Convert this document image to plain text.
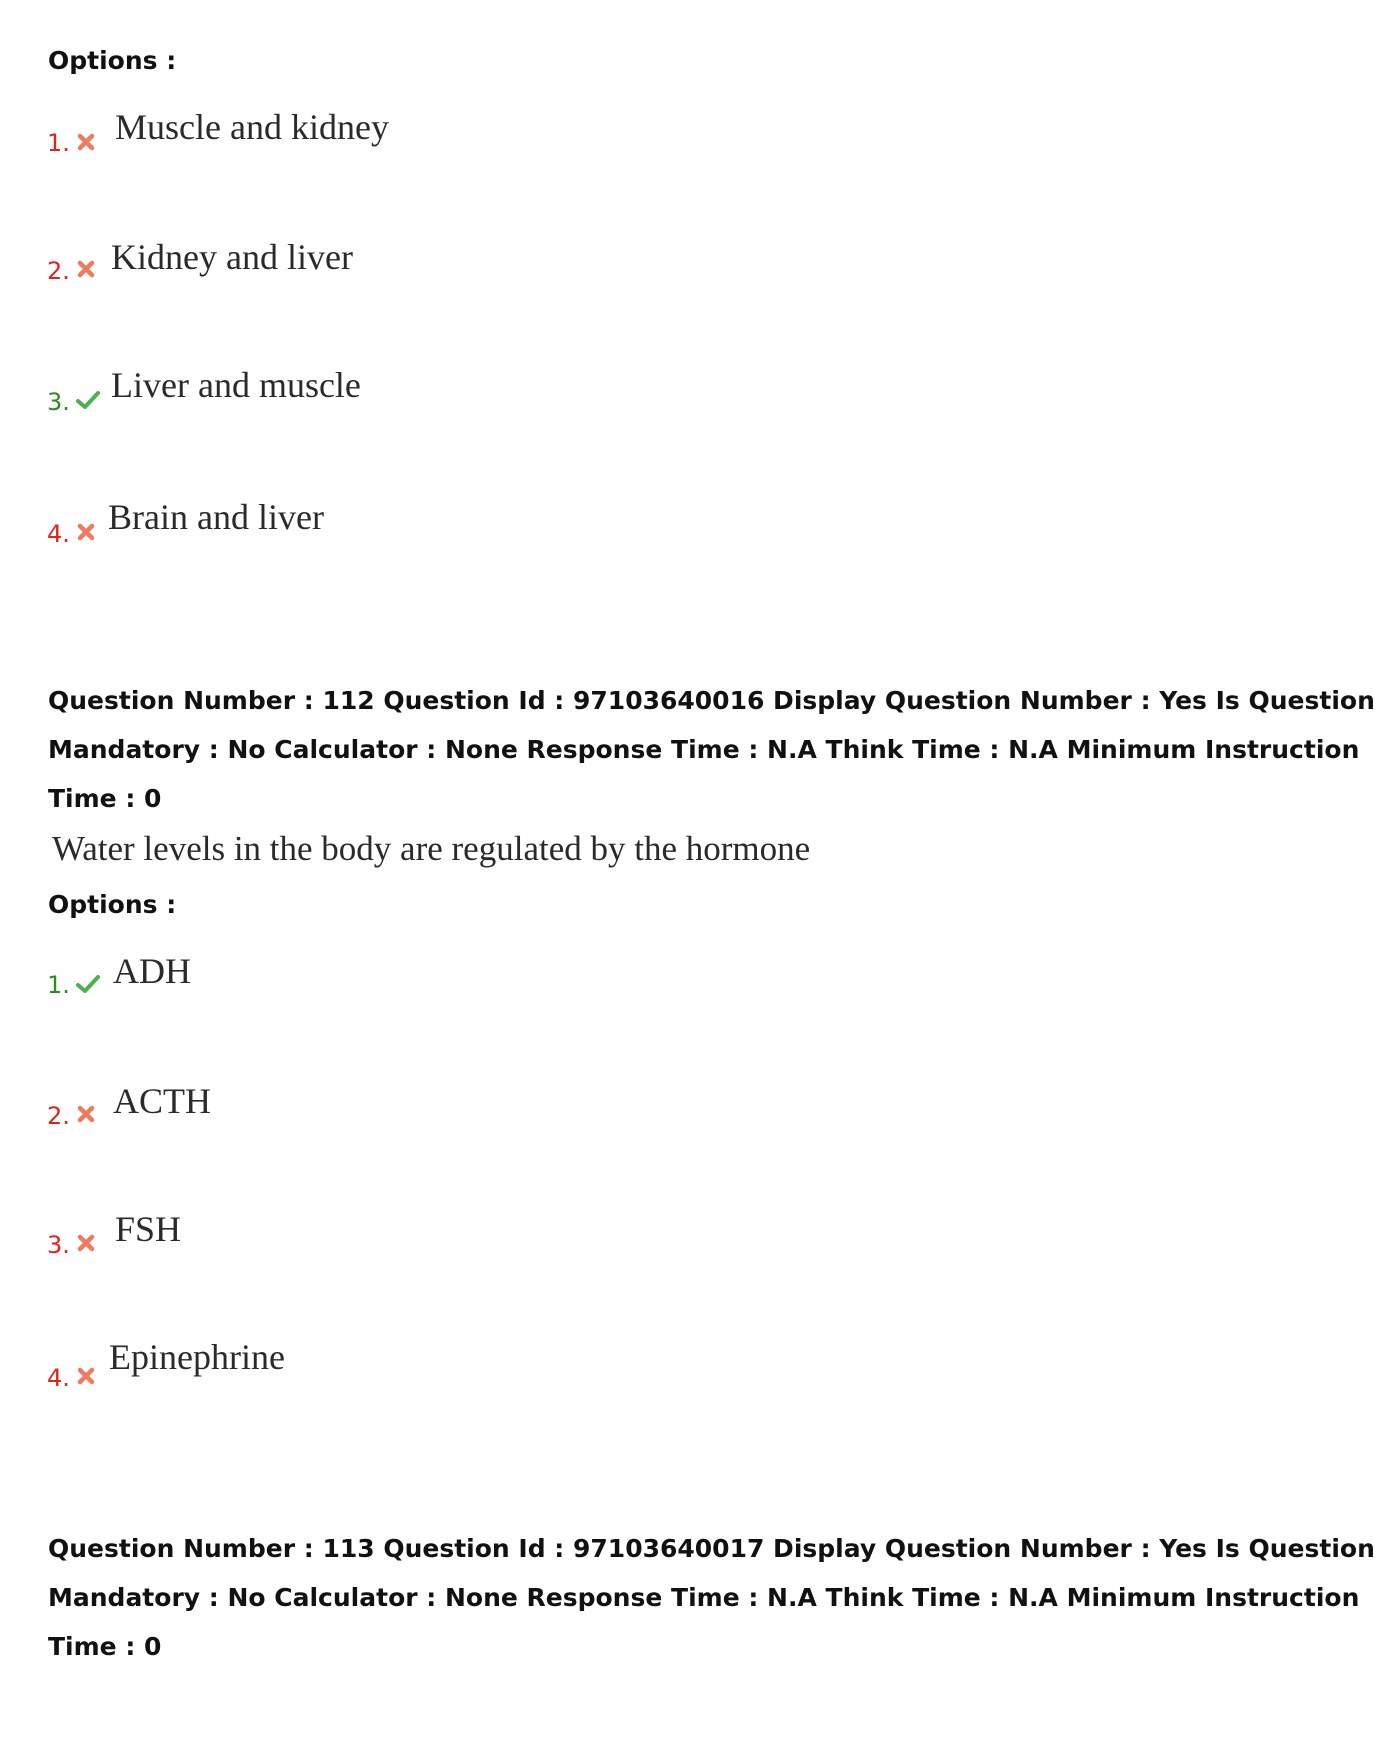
Options :
1. Muscle and kidney
2. Kidney and liver
3. Liver and muscle
4. Brain and liver
Question Number : 112 Question Id : 97103640016 Display Question Number : Yes Is Question
Mandatory : No Calculator : None Response Time : N.A Think Time : N.A Minimum Instruction
Time : 0
Water levels in the body are regulated by the hormone
Options :
1. ADH
2. ACTH
3. FSH
4.
Epinephrine
Question Number : 113 Question Id : 97103640017 Display Question Number : Yes Is Question
Mandatory : No Calculator : None Response Time : N.A Think Time : N.A Minimum Instruction
Time : 0
